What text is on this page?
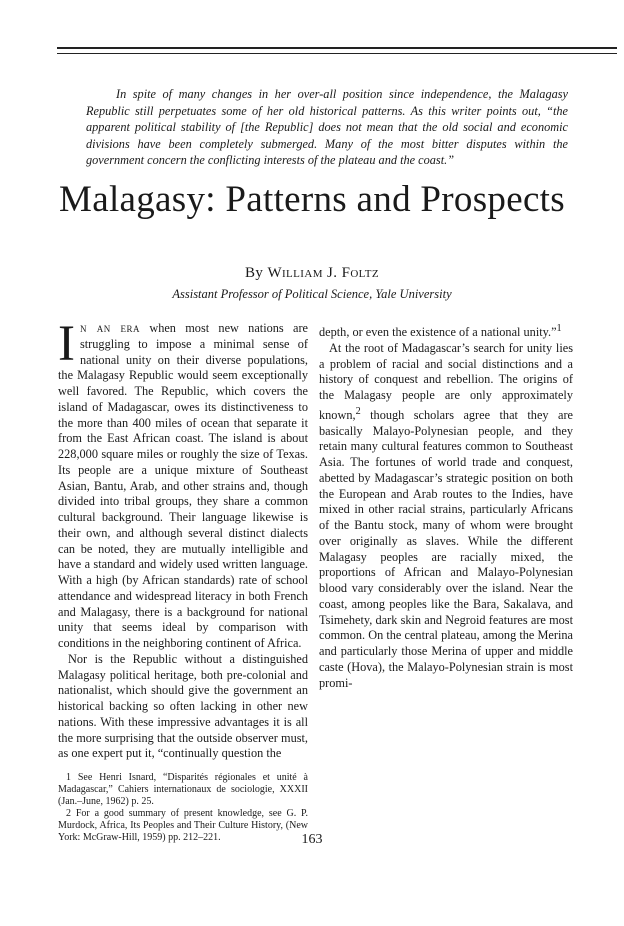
In spite of many changes in her over-all position since independence, the Malagasy Republic still perpetuates some of her old historical patterns. As this writer points out, “the apparent political stability of [the Republic] does not mean that the old social and economic divisions have been completely submerged. Many of the most bitter disputes within the government concern the conflicting interests of the plateau and the coast.”

Malagasy: Patterns and Prospects
By William J. Foltz
Assistant Professor of Political Science, Yale University

In an era when most new nations are struggling to impose a minimal sense of national unity on their diverse populations, the Malagasy Republic would seem exceptionally well favored. The Republic, which covers the island of Madagascar, owes its distinctiveness to the more than 400 miles of ocean that separate it from the East African coast. The island is about 228,000 square miles or roughly the size of Texas. Its people are a unique mixture of Southeast Asian, Bantu, Arab, and other strains and, though divided into tribal groups, they share a common cultural background. Their language likewise is their own, and although several distinct dialects can be noted, they are mutually intelligible and have a standard and widely used written language. With a high (by African standards) rate of school attendance and widespread literacy in both French and Malagasy, there is a background for national unity that seems ideal by comparison with conditions in the neighboring continent of Africa.

Nor is the Republic without a distinguished Malagasy political heritage, both pre-colonial and nationalist, which should give the government an historical backing so often lacking in other new nations. With these impressive advantages it is all the more surprising that the outside observer must, as one expert put it, “continually question the

depth, or even the existence of a national unity.”$^1$

At the root of Madagascar’s search for unity lies a problem of racial and social distinctions and a history of conquest and rebellion. The origins of the Malagasy people are only approximately known,$^2$ though scholars agree that they are basically Malayo-Polynesian people, and they retain many cultural features common to Southeast Asia. The fortunes of world trade and conquest, abetted by Madagascar’s strategic position on both the European and Arab routes to the Indies, have mixed in other racial strains, particularly Africans of the Bantu stock, many of whom were brought over originally as slaves. While the different Malagasy peoples are racially mixed, the proportions of African and Malayo-Polynesian blood vary considerably over the island. Near the coast, among peoples like the Bara, Sakalava, and Tsimehety, dark skin and Negroid features are most common. On the central plateau, among the Merina and particularly those Merina of upper and middle caste (Hova), the Malayo-Polynesian strain is most promi-

1 See Henri Isnard, “Disparités régionales et unité à Madagascar,” Cahiers internationaux de sociologie, XXXII (Jan.–June, 1962) p. 25.

2 For a good summary of present knowledge, see G. P. Murdock, Africa, Its Peoples and Their Culture History, (New York: McGraw-Hill, 1959) pp. 212–221.	163
